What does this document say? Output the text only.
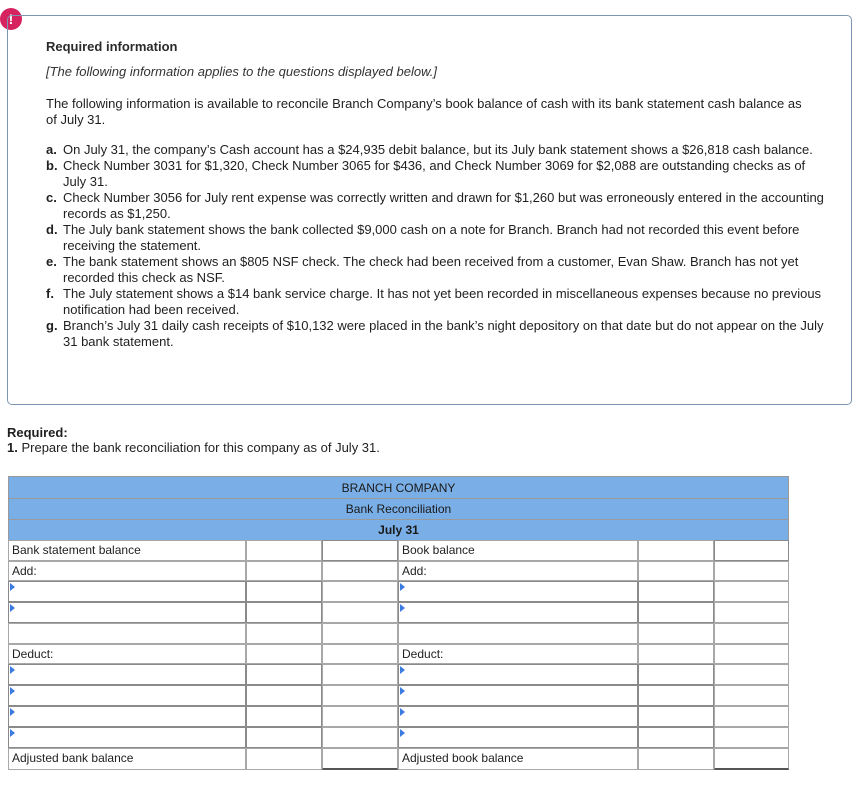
!
Required information
[The following information applies to the questions displayed below.]
The following information is available to reconcile Branch Company’s book balance of cash with its bank statement cash balance as of July 31.
a. On July 31, the company’s Cash account has a $24,935 debit balance, but its July bank statement shows a $26,818 cash balance.
b. Check Number 3031 for $1,320, Check Number 3065 for $436, and Check Number 3069 for $2,088 are outstanding checks as of July 31.
c. Check Number 3056 for July rent expense was correctly written and drawn for $1,260 but was erroneously entered in the accounting records as $1,250.
d. The July bank statement shows the bank collected $9,000 cash on a note for Branch. Branch had not recorded this event before receiving the statement.
e. The bank statement shows an $805 NSF check. The check had been received from a customer, Evan Shaw. Branch has not yet recorded this check as NSF.
f. The July statement shows a $14 bank service charge. It has not yet been recorded in miscellaneous expenses because no previous notification had been received.
g. Branch’s July 31 daily cash receipts of $10,132 were placed in the bank’s night depository on that date but do not appear on the July 31 bank statement.
Required:
1. Prepare the bank reconciliation for this company as of July 31.
BRANCH COMPANY
Bank Reconciliation
July 31
Bank statement balance	Book balance
Add:	Add:
Deduct:	Deduct:
Adjusted bank balance	Adjusted book balance
